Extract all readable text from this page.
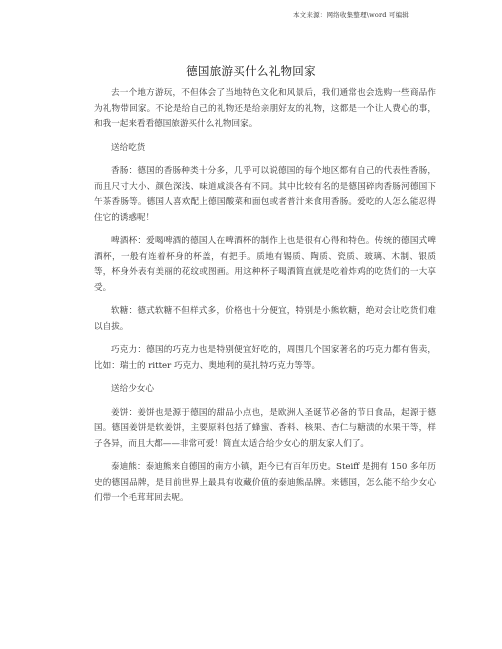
本文来源：网络收集整理\word 可编辑
德国旅游买什么礼物回家

去一个地方游玩，不但体会了当地特色文化和风景后，我们通常也会选购一些商品作为礼物带回家。不论是给自己的礼物还是给亲朋好友的礼物，这都是一个让人费心的事，和我一起来看看德国旅游买什么礼物回家。

送给吃货

香肠：德国的香肠种类十分多，几乎可以说德国的每个地区都有自己的代表性香肠，而且尺寸大小、颜色深浅、味道咸淡各有不同。其中比较有名的是德国碎肉香肠河德国下午茶香肠等。德国人喜欢配上德国酸菜和面包或者普汁来食用香肠。爱吃的人怎么能忍得住它的诱惑呢！

啤酒杯：爱喝啤酒的德国人在啤酒杯的制作上也是很有心得和特色。传统的德国式啤酒杯，一般有连着杯身的杯盖，有把手。质地有锡质、陶质、瓷质、玻璃、木制、银质等，杯身外表有美丽的花纹或图画。用这种杯子喝酒简直就是吃着炸鸡的吃货们的一大享受。

软糖：德式软糖不但样式多，价格也十分便宜，特别是小熊软糖，绝对会让吃货们难以自拔。

巧克力：德国的巧克力也是特别便宜好吃的，周围几个国家著名的巧克力都有售卖，比如：瑞士的 ritter 巧克力、奥地利的莫扎特巧克力等等。

送给少女心

姜饼：姜饼也是源于德国的甜品小点也，是欧洲人圣诞节必备的节日食品，起源于德国。德国姜饼是软姜饼，主要原料包括了蜂蜜、香料、核果、杏仁与糖渍的水果干等，样子各异，而且大都——非常可爱！简直太适合给少女心的朋友家人们了。

泰迪熊：泰迪熊来自德国的南方小镇，距今已有百年历史。Steiff 是拥有 150 多年历史的德国品牌，是目前世界上最具有收藏价值的泰迪熊品牌。来德国，怎么能不给少女心们带一个毛茸茸回去呢。
